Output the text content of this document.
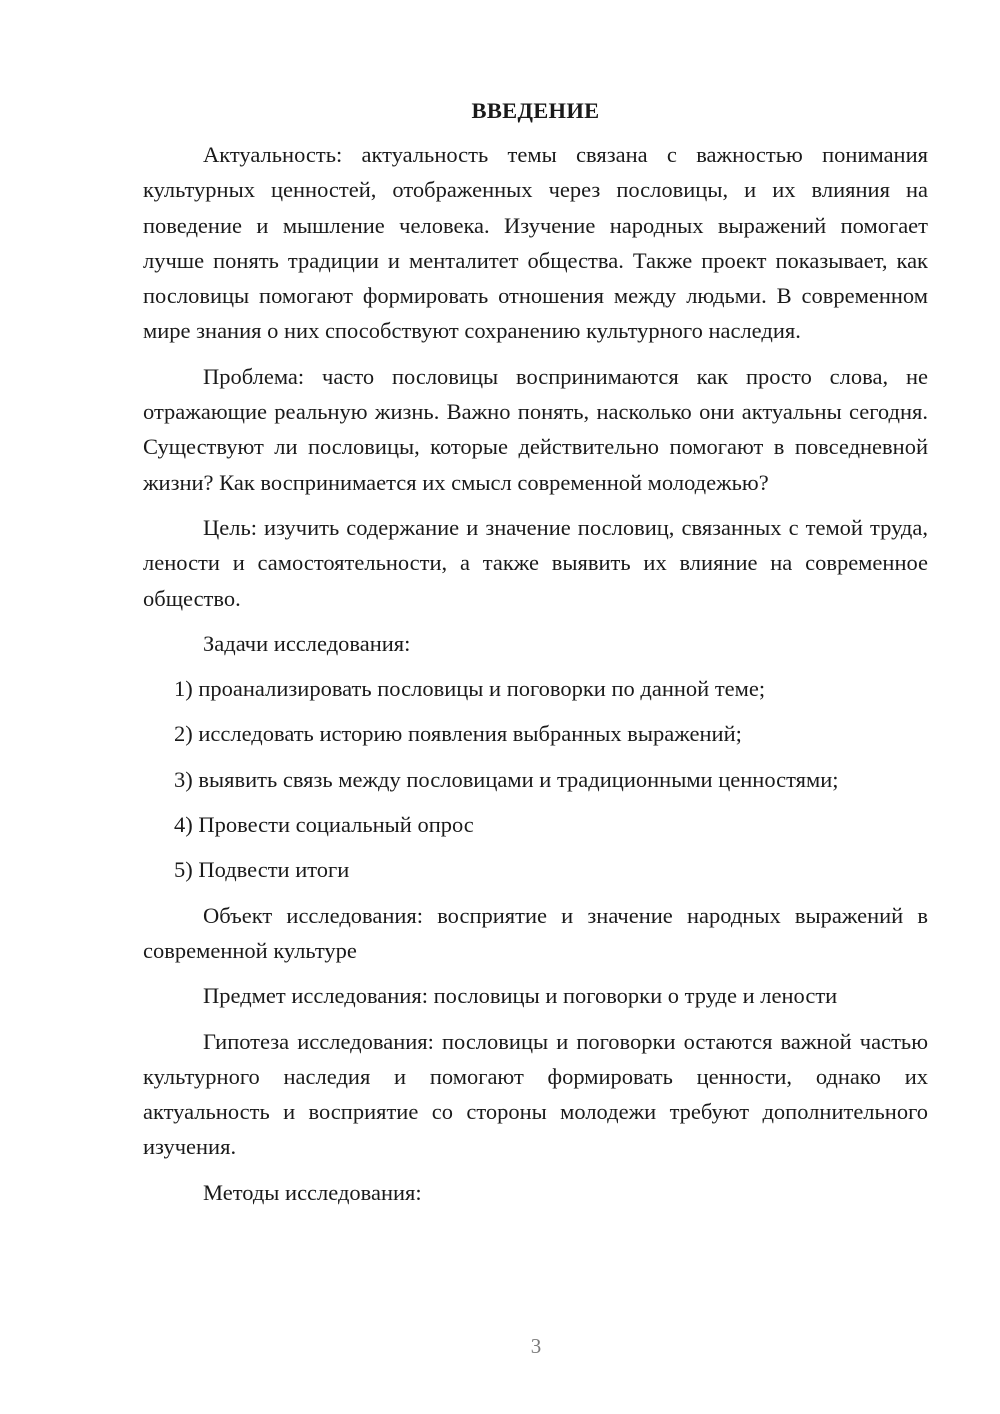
ВВЕДЕНИЕ

Актуальность: актуальность темы связана с важностью понимания культурных ценностей, отображенных через пословицы, и их влияния на поведение и мышление человека. Изучение народных выражений помогает лучше понять традиции и менталитет общества. Также проект показывает, как пословицы помогают формировать отношения между людьми. В современном мире знания о них способствуют сохранению культурного наследия.

Проблема: часто пословицы воспринимаются как просто слова, не отражающие реальную жизнь. Важно понять, насколько они актуальны сегодня. Существуют ли пословицы, которые действительно помогают в повседневной жизни? Как воспринимается их смысл современной молодежью?

Цель: изучить содержание и значение пословиц, связанных с темой труда, лености и самостоятельности, а также выявить их влияние на современное общество.

Задачи исследования:

1) проанализировать пословицы и поговорки по данной теме;
2) исследовать историю появления выбранных выражений;
3) выявить связь между пословицами и традиционными ценностями;
4) Провести социальный опрос
5) Подвести итоги

Объект исследования: восприятие и значение народных выражений в современной культуре

Предмет исследования: пословицы и поговорки о труде и лености

Гипотеза исследования: пословицы и поговорки остаются важной частью культурного наследия и помогают формировать ценности, однако их актуальность и восприятие со стороны молодежи требуют дополнительного изучения.

Методы исследования:

3
